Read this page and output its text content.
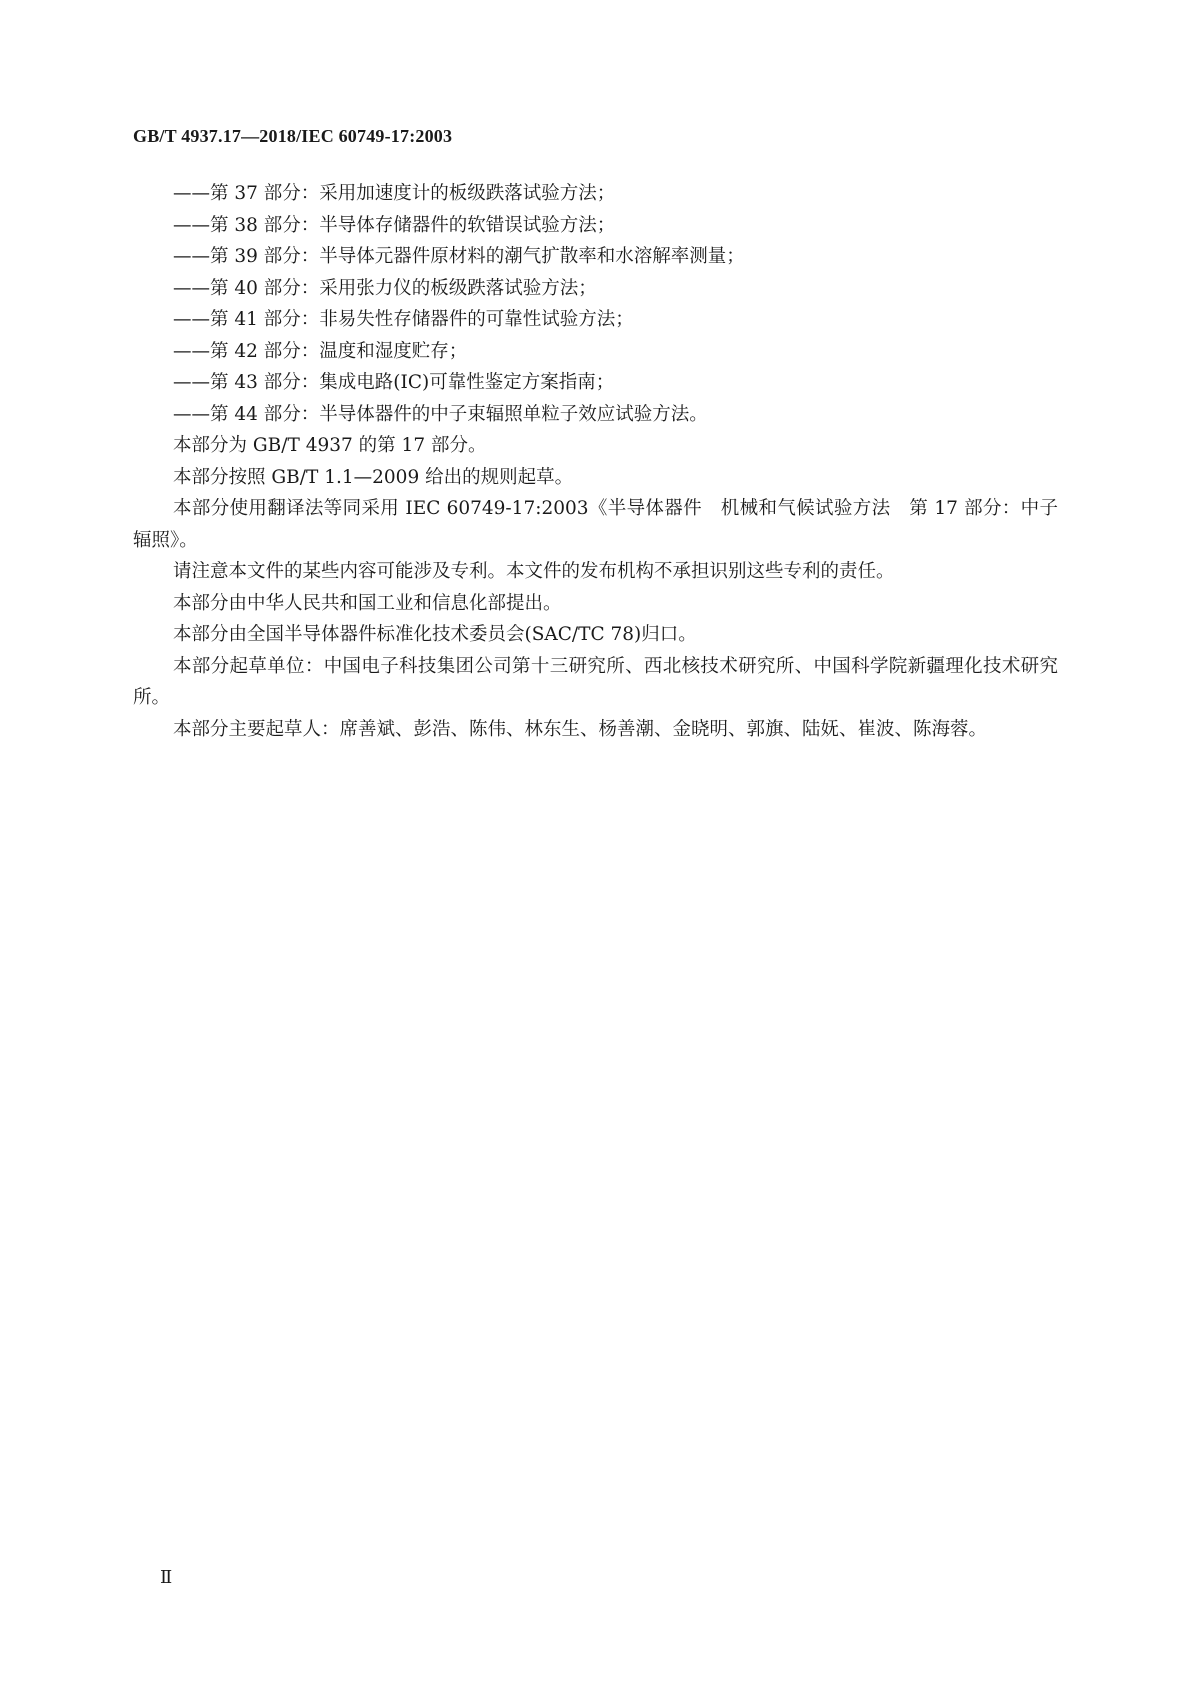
GB/T 4937.17—2018/IEC 60749-17:2003
——第 37 部分：采用加速度计的板级跌落试验方法；
——第 38 部分：半导体存储器件的软错误试验方法；
——第 39 部分：半导体元器件原材料的潮气扩散率和水溶解率测量；
——第 40 部分：采用张力仪的板级跌落试验方法；
——第 41 部分：非易失性存储器件的可靠性试验方法；
——第 42 部分：温度和湿度贮存；
——第 43 部分：集成电路(IC)可靠性鉴定方案指南；
——第 44 部分：半导体器件的中子束辐照单粒子效应试验方法。
本部分为 GB/T 4937 的第 17 部分。
本部分按照 GB/T 1.1—2009 给出的规则起草。
本部分使用翻译法等同采用 IEC 60749-17:2003《半导体器件　机械和气候试验方法　第 17 部分：中子辐照》。
请注意本文件的某些内容可能涉及专利。本文件的发布机构不承担识别这些专利的责任。
本部分由中华人民共和国工业和信息化部提出。
本部分由全国半导体器件标准化技术委员会(SAC/TC 78)归口。
本部分起草单位：中国电子科技集团公司第十三研究所、西北核技术研究所、中国科学院新疆理化技术研究所。
本部分主要起草人：席善斌、彭浩、陈伟、林东生、杨善潮、金晓明、郭旗、陆妩、崔波、陈海蓉。
Ⅱ
